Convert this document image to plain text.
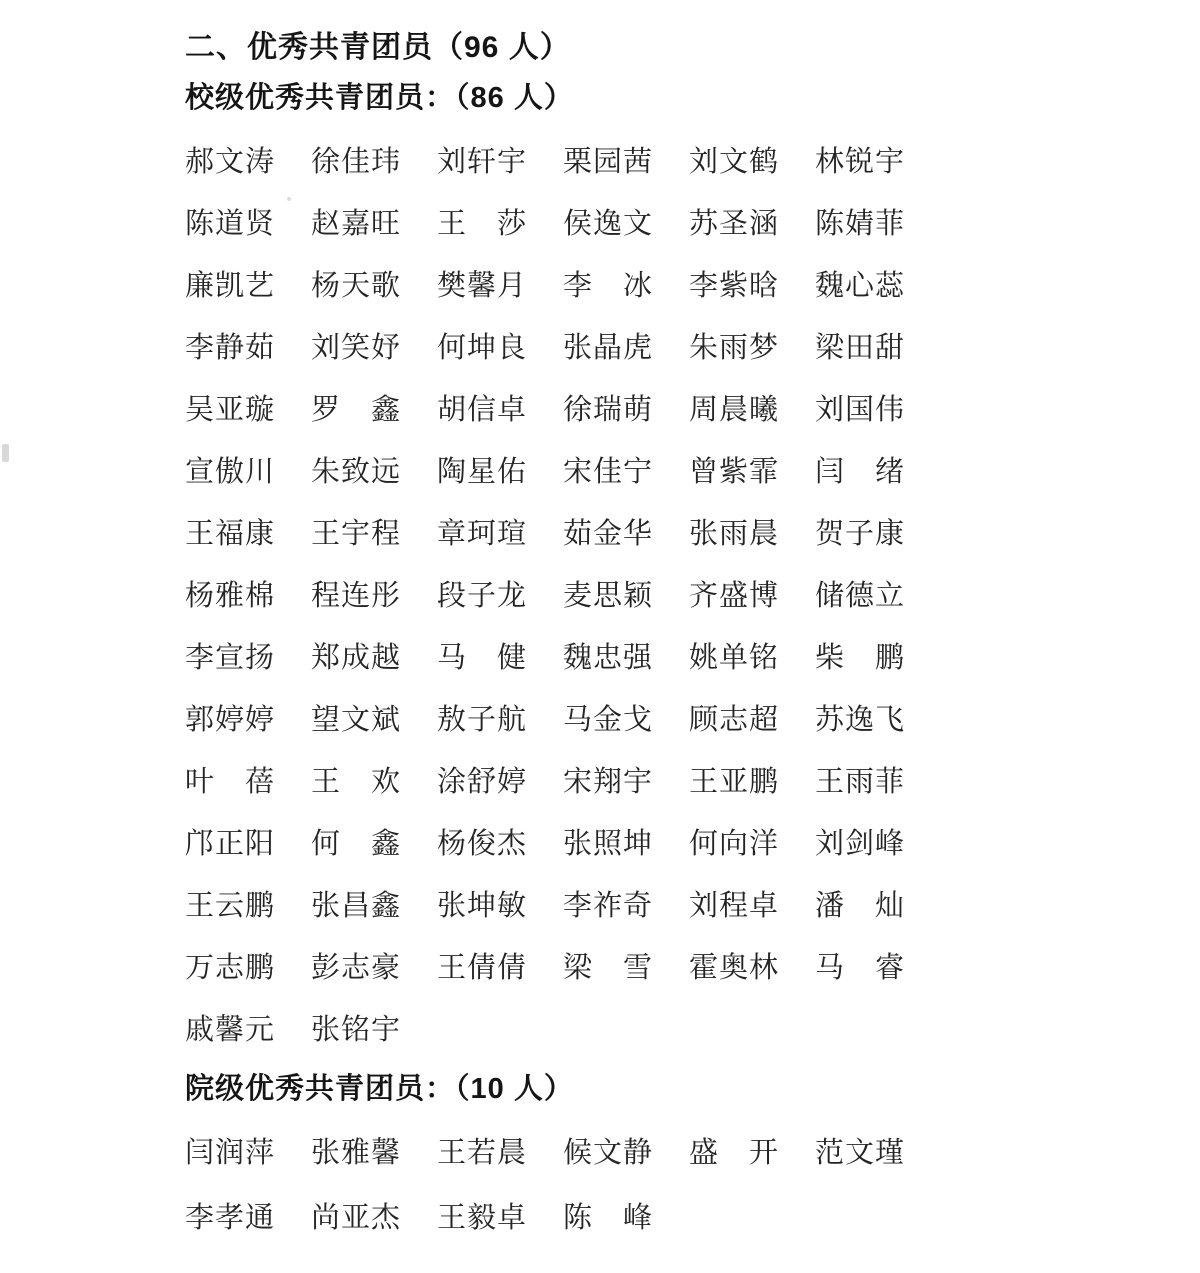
二、优秀共青团员（96 人）
校级优秀共青团员：（86 人）
郝文涛	徐佳玮	刘轩宇	栗园茜	刘文鹤	林锐宇
陈道贤	赵嘉旺	王　莎	侯逸文	苏圣涵	陈婧菲
廉凯艺	杨天歌	樊馨月	李　冰	李紫晗	魏心蕊
李静茹	刘笑妤	何坤良	张晶虎	朱雨梦	梁田甜
吴亚璇	罗　鑫	胡信卓	徐瑞萌	周晨曦	刘国伟
宣傲川	朱致远	陶星佑	宋佳宁	曾紫霏	闫　绪
王福康	王宇程	章珂瑄	茹金华	张雨晨	贺子康
杨雅棉	程连彤	段子龙	麦思颖	齐盛博	储德立
李宣扬	郑成越	马　健	魏忠强	姚单铭	柴　鹏
郭婷婷	望文斌	敖子航	马金戈	顾志超	苏逸飞
叶　蓓	王　欢	涂舒婷	宋翔宇	王亚鹏	王雨菲
邝正阳	何　鑫	杨俊杰	张照坤	何向洋	刘剑峰
王云鹏	张昌鑫	张坤敏	李祚奇	刘程卓	潘　灿
万志鹏	彭志豪	王倩倩	梁　雪	霍奥林	马　睿
戚馨元	张铭宇
院级优秀共青团员：（10 人）
闫润萍	张雅馨	王若晨	候文静	盛　开	范文瑾
李孝通	尚亚杰	王毅卓	陈　峰
